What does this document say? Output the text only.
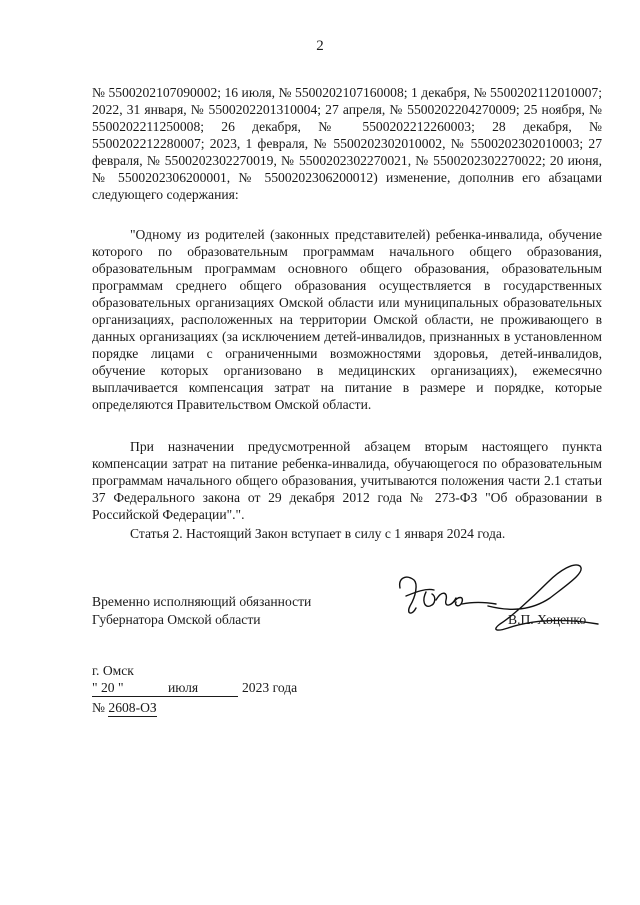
2

№ 5500202107090002; 16 июля, № 5500202107160008; 1 декабря, № 5500202112010007; 2022, 31 января, № 5500202201310004; 27 апреля, № 5500202204270009; 25 ноября, № 5500202211250008; 26 декабря, № 5500202212260003; 28 декабря, № 5500202212280007; 2023, 1 февраля, № 5500202302010002, № 5500202302010003; 27 февраля, № 5500202302270019, № 5500202302270021, № 5500202302270022; 20 июня, № 5500202306200001, № 5500202306200012) изменение, дополнив его абзацами следующего содержания:

"Одному из родителей (законных представителей) ребенка-инвалида, обучение которого по образовательным программам начального общего образования, образовательным программам основного общего образования, образовательным программам среднего общего образования осуществляется в государственных образовательных организациях Омской области или муниципальных образовательных организациях, расположенных на территории Омской области, не проживающего в данных организациях (за исключением детей-инвалидов, признанных в установленном порядке лицами с ограниченными возможностями здоровья, детей-инвалидов, обучение которых организовано в медицинских организациях), ежемесячно выплачивается компенсация затрат на питание в размере и порядке, которые определяются Правительством Омской области.

При назначении предусмотренной абзацем вторым настоящего пункта компенсации затрат на питание ребенка-инвалида, обучающегося по образовательным программам начального общего образования, учитываются положения части 2.1 статьи 37 Федерального закона от 29 декабря 2012 года № 273-ФЗ "Об образовании в Российской Федерации".".

Статья 2. Настоящий Закон вступает в силу с 1 января 2024 года.
Временно исполняющий обязанности
Губернатора Омской области	В.П. Хоценко
г. Омск
" 20 "	июля	2023 года
№ 2608-ОЗ
